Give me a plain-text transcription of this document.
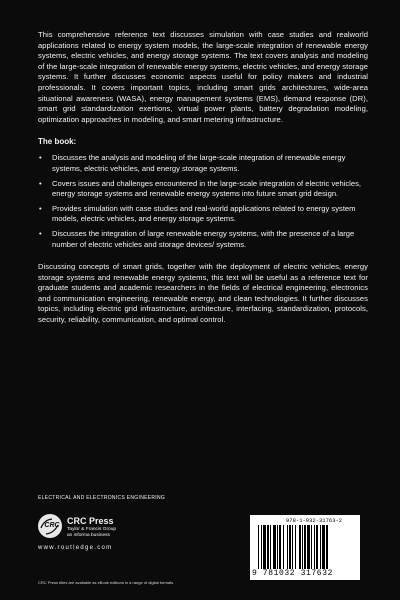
This comprehensive reference text discusses simulation with case studies and realworld applications related to energy system models, the large-scale integration of renewable energy systems, electric vehicles, and energy storage systems. The text covers analysis and modeling of the large-scale integration of renewable energy systems, electric vehicles, and energy storage systems. It further discusses economic aspects useful for policy makers and industrial professionals. It covers important topics, including smart grids architectures, wide-area situational awareness (WASA), energy management systems (EMS), demand response (DR), smart grid standardization exertions, virtual power plants, battery degradation modeling, optimization approaches in modeling, and smart metering infrastructure.

The book:
• Discusses the analysis and modeling of the large-scale integration of renewable energy systems, electric vehicles, and energy storage systems.
• Covers issues and challenges encountered in the large-scale integration of electric vehicles, energy storage systems and renewable energy systems into future smart grid design.
• Provides simulation with case studies and real-world applications related to energy system models, electric vehicles, and energy storage systems.
• Discusses the integration of large renewable energy systems, with the presence of a large number of electric vehicles and storage devices/ systems.

Discussing concepts of smart grids, together with the deployment of electric vehicles, energy storage systems and renewable energy systems, this text will be useful as a reference text for graduate students and academic researchers in the fields of electrical engineering, electronics and communication engineering, renewable energy, and clean technologies. It further discusses topics, including electric grid infrastructure, architecture, interfacing, standardization, protocols, security, reliability, communication, and optimal control.

ELECTRICAL AND ELECTRONICS ENGINEERING
CRC CRC Press
Taylor & Francis Group
an informa business
www.routledge.com
CRC Press titles are available as eBook editions in a range of digital formats
978-1-032-31763-2
9 781032 317632
